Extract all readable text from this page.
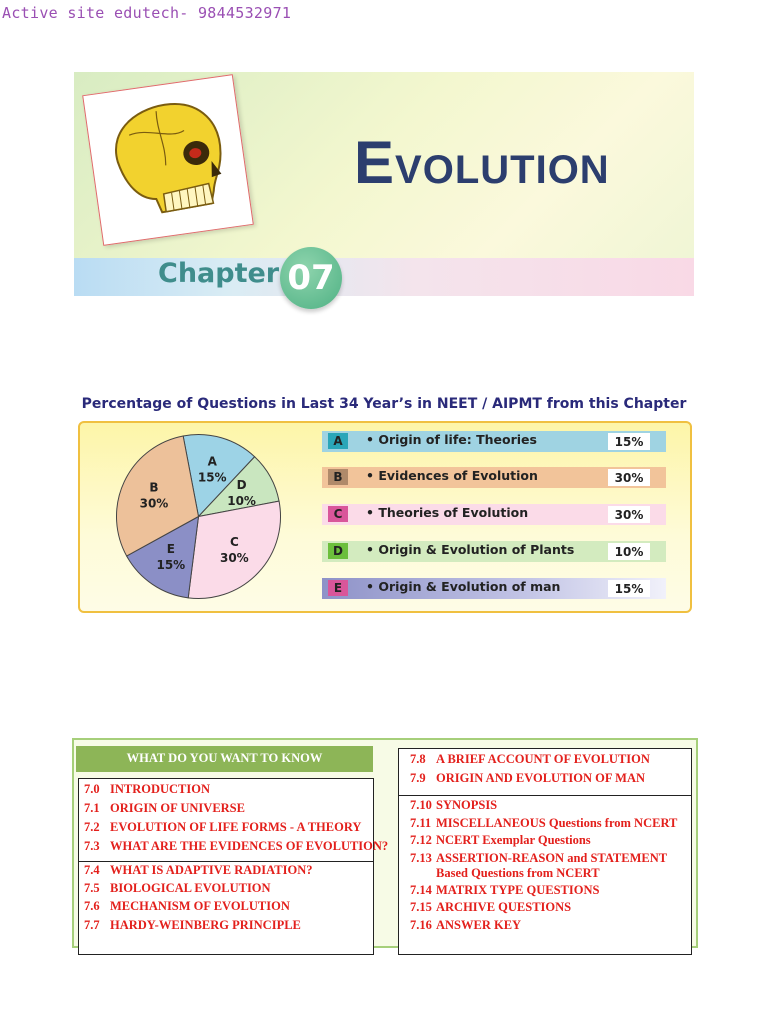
Active site edutech- 9844532971
EVOLUTION
Chapter 07
Percentage of Questions in Last 34 Year’s in NEET / AIPMT from this Chapter
A
15%
D
10%
C
30%
E
15%
B
30%
A	• Origin of life: Theories	15%
B	• Evidences of Evolution	30%
C	• Theories of Evolution	30%
D	• Origin & Evolution of Plants	10%
E	• Origin & Evolution of man	15%
WHAT DO YOU WANT TO KNOW
7.0 INTRODUCTION
7.1 ORIGIN OF UNIVERSE
7.2 EVOLUTION OF LIFE FORMS - A THEORY
7.3 WHAT ARE THE EVIDENCES OF EVOLUTION?
7.4 WHAT IS ADAPTIVE RADIATION?
7.5 BIOLOGICAL EVOLUTION
7.6 MECHANISM OF EVOLUTION
7.7 HARDY-WEINBERG PRINCIPLE
7.8 A BRIEF ACCOUNT OF EVOLUTION
7.9 ORIGIN AND EVOLUTION OF MAN
7.10 SYNOPSIS
7.11 MISCELLANEOUS Questions from NCERT
7.12 NCERT Exemplar Questions
7.13 ASSERTION-REASON and STATEMENT
Based Questions from NCERT
7.14 MATRIX TYPE QUESTIONS
7.15 ARCHIVE QUESTIONS
7.16 ANSWER KEY
